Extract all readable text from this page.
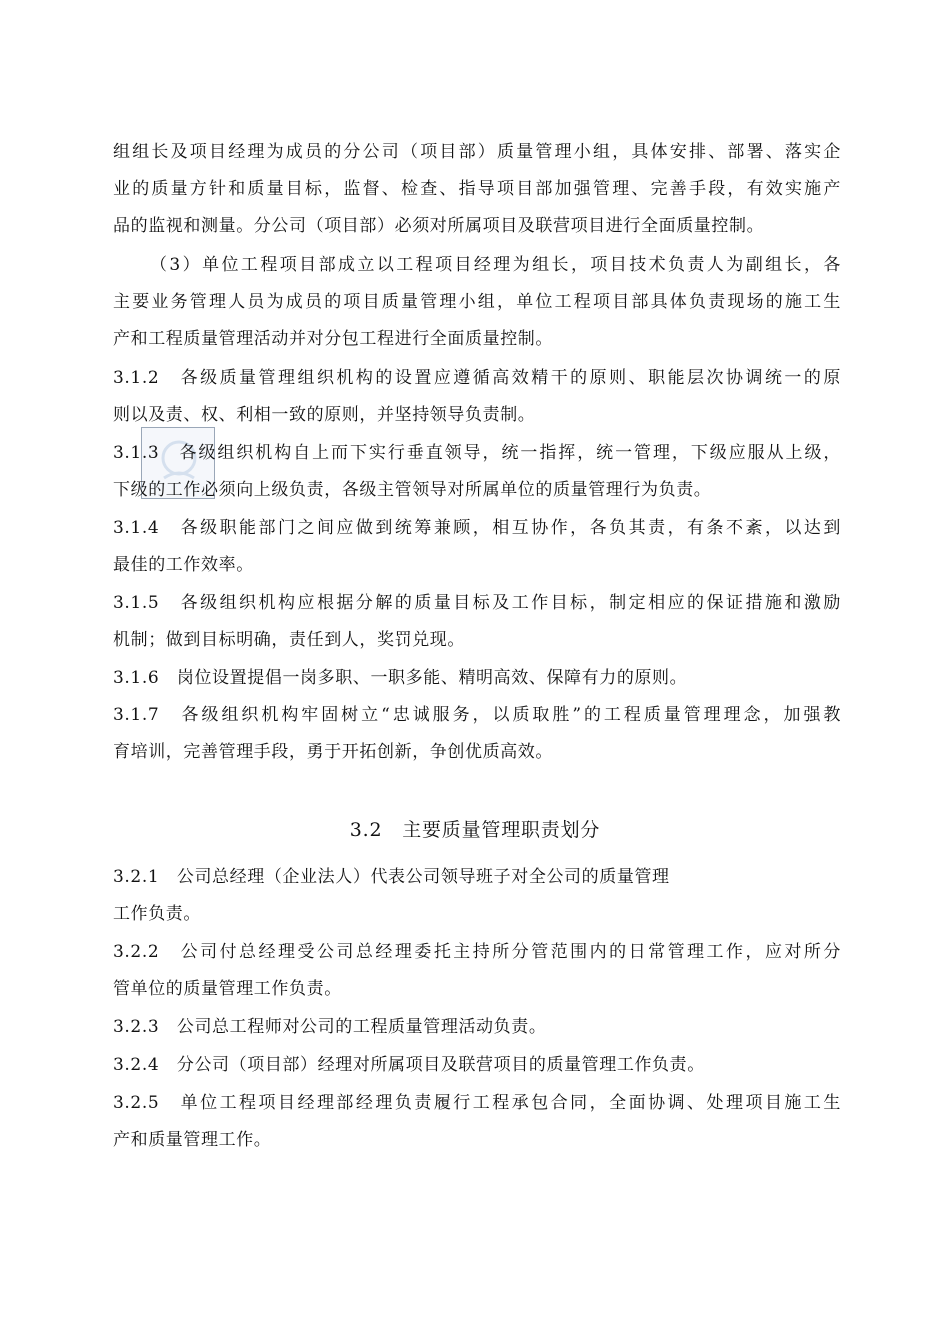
组组长及项目经理为成员的分公司（项目部）质量管理小组，具体安排、部署、落实企
业的质量方针和质量目标，监督、检查、指导项目部加强管理、完善手段，有效实施产
品的监视和测量。分公司（项目部）必须对所属项目及联营项目进行全面质量控制。
（3）单位工程项目部成立以工程项目经理为组长，项目技术负责人为副组长，各
主要业务管理人员为成员的项目质量管理小组，单位工程项目部具体负责现场的施工生
产和工程质量管理活动并对分包工程进行全面质量控制。
3.1.2　各级质量管理组织机构的设置应遵循高效精干的原则、职能层次协调统一的原
则以及责、权、利相一致的原则，并坚持领导负责制。
3.1.3　各级组织机构自上而下实行垂直领导，统一指挥，统一管理，下级应服从上级，
下级的工作必须向上级负责，各级主管领导对所属单位的质量管理行为负责。
3.1.4　各级职能部门之间应做到统筹兼顾，相互协作，各负其责，有条不紊，以达到
最佳的工作效率。
3.1.5　各级组织机构应根据分解的质量目标及工作目标，制定相应的保证措施和激励
机制；做到目标明确，责任到人，奖罚兑现。
3.1.6　岗位设置提倡一岗多职、一职多能、精明高效、保障有力的原则。
3.1.7　各级组织机构牢固树立“忠诚服务，以质取胜”的工程质量管理理念，加强教
育培训，完善管理手段，勇于开拓创新，争创优质高效。
3.2　主要质量管理职责划分
3.2.1　公司总经理（企业法人）代表公司领导班子对全公司的质量管理
工作负责。
3.2.2　公司付总经理受公司总经理委托主持所分管范围内的日常管理工作，应对所分
管单位的质量管理工作负责。
3.2.3　公司总工程师对公司的工程质量管理活动负责。
3.2.4　分公司（项目部）经理对所属项目及联营项目的质量管理工作负责。
3.2.5　单位工程项目经理部经理负责履行工程承包合同，全面协调、处理项目施工生
产和质量管理工作。
